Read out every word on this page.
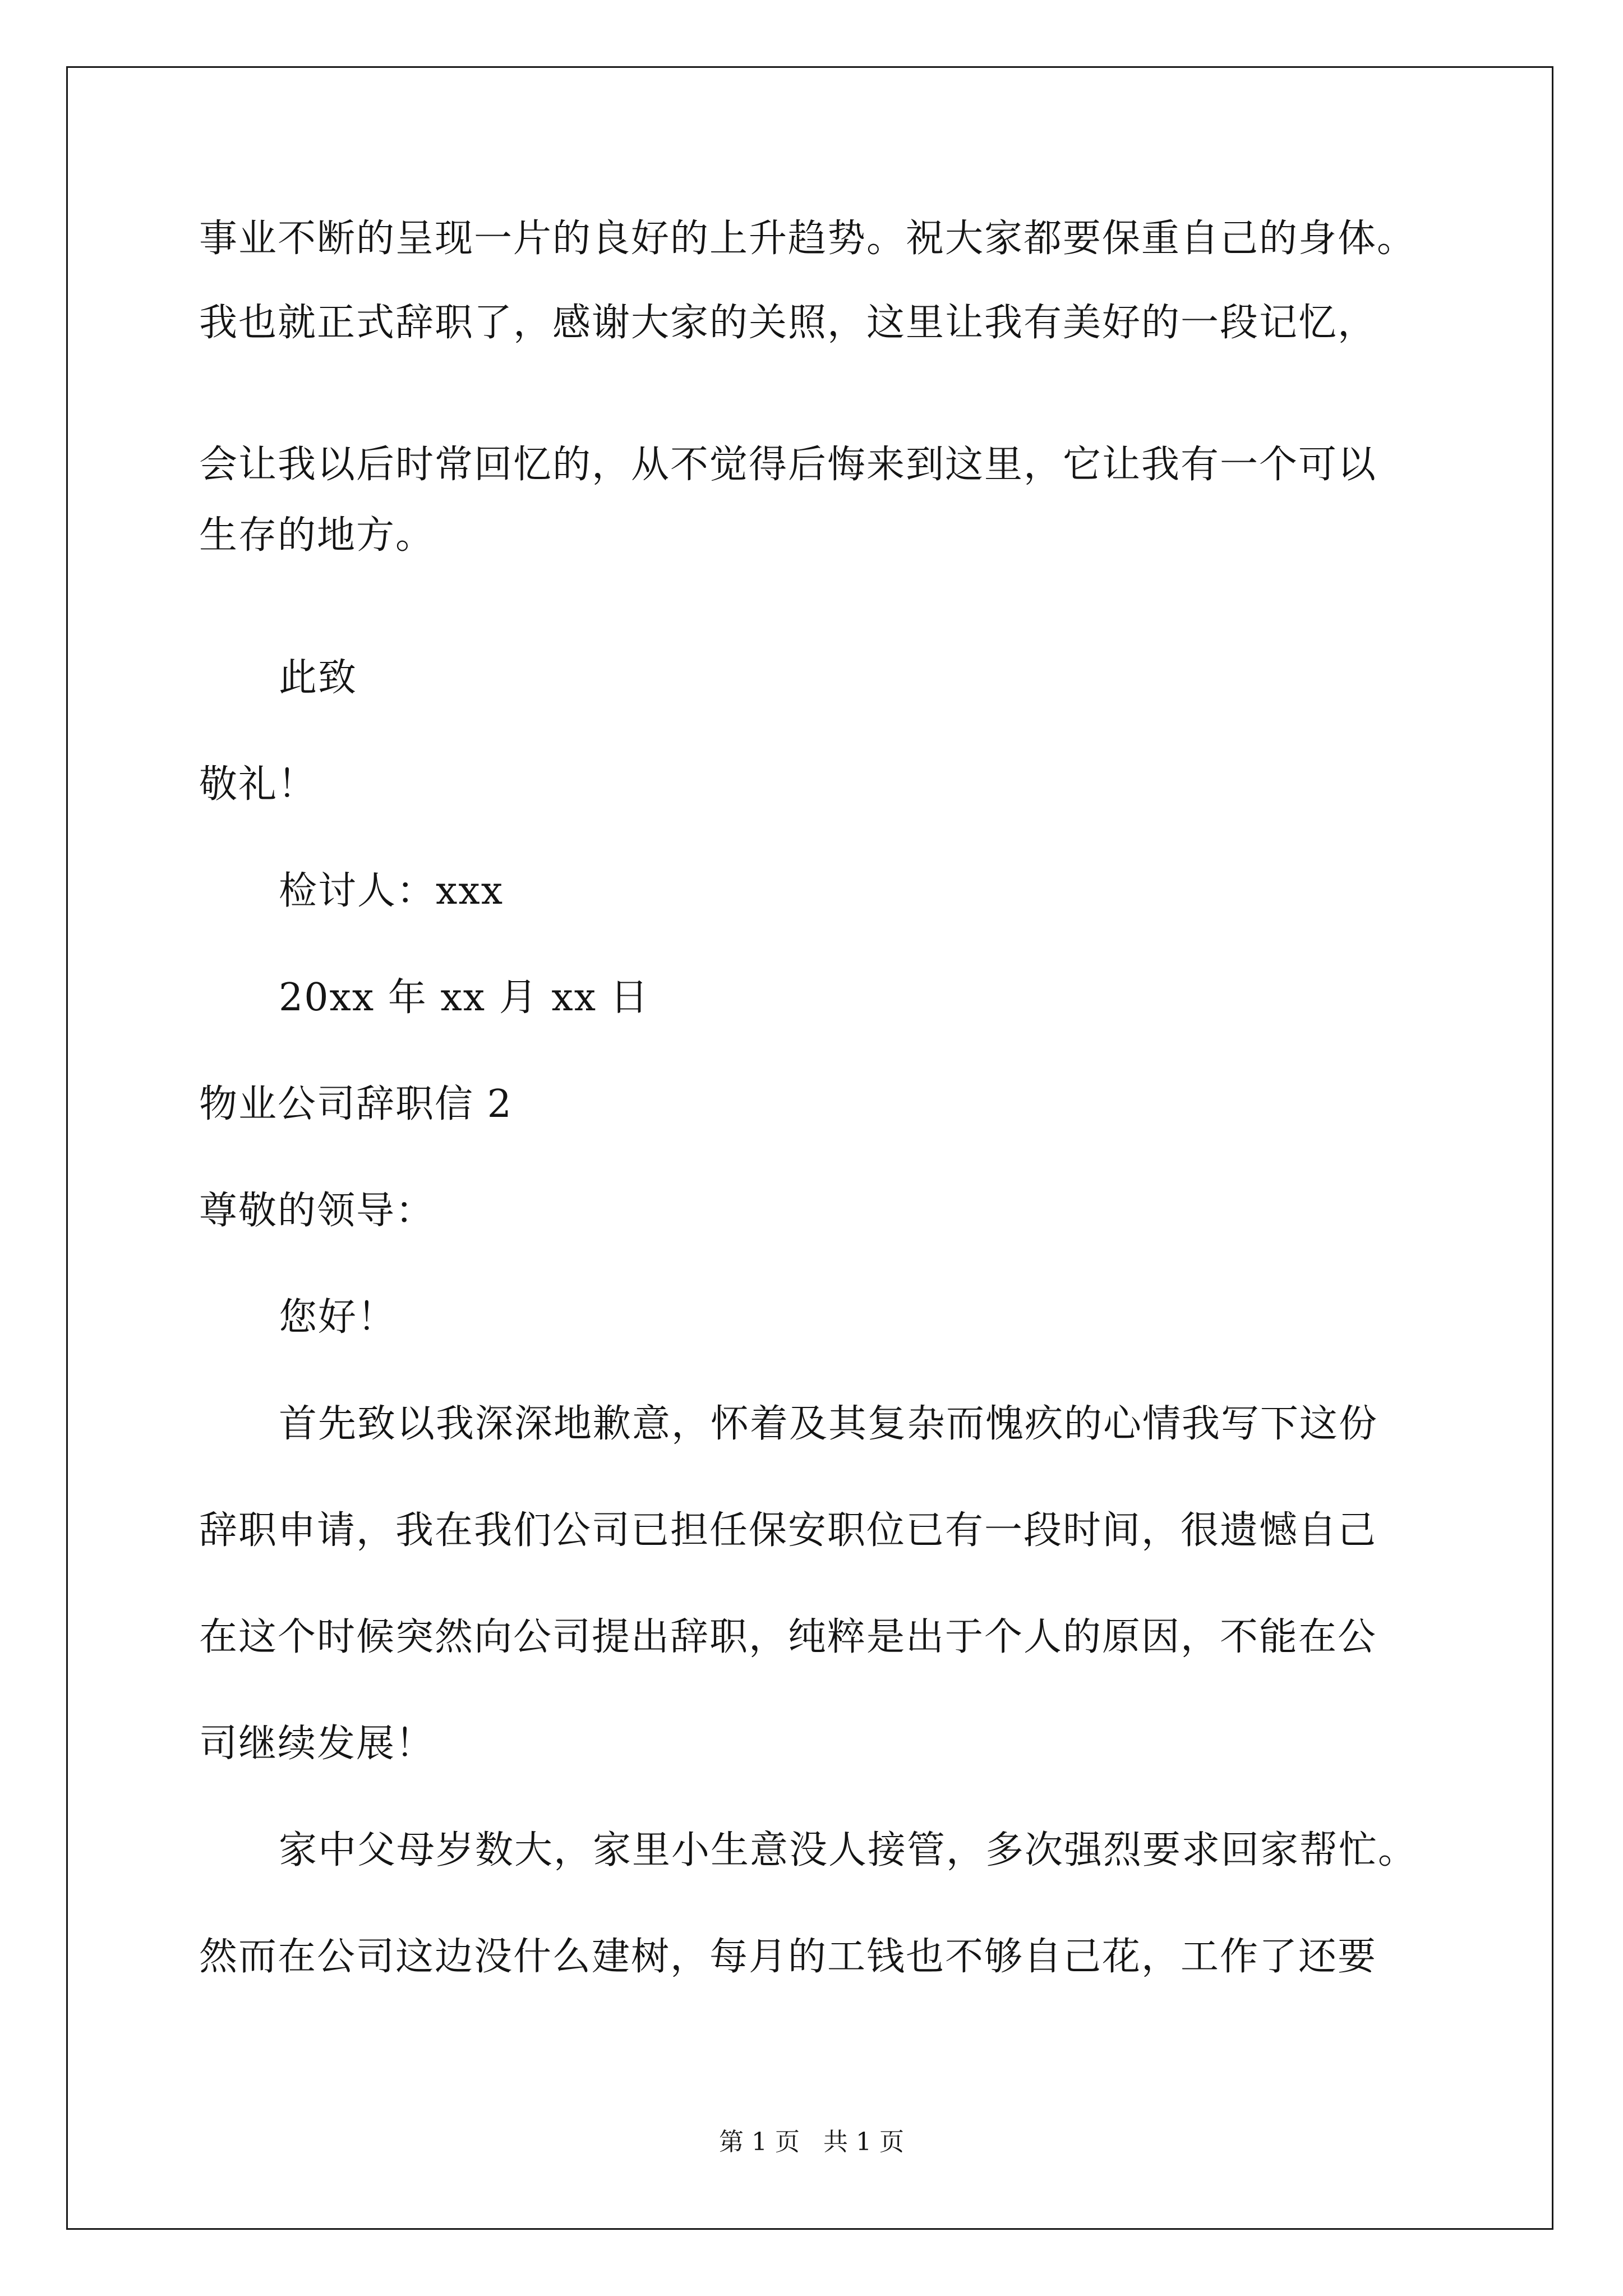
事业不断的呈现一片的良好的上升趋势。祝大家都要保重自己的身体。
我也就正式辞职了，感谢大家的关照，这里让我有美好的一段记忆，
会让我以后时常回忆的，从不觉得后悔来到这里，它让我有一个可以
生存的地方。
此致
敬礼！
检讨人：xxx
20xx 年 xx 月 xx 日
物业公司辞职信 2
尊敬的领导：
您好！
首先致以我深深地歉意，怀着及其复杂而愧疚的心情我写下这份
辞职申请，我在我们公司已担任保安职位已有一段时间，很遗憾自己
在这个时候突然向公司提出辞职，纯粹是出于个人的原因，不能在公
司继续发展！
家中父母岁数大，家里小生意没人接管，多次强烈要求回家帮忙。
然而在公司这边没什么建树，每月的工钱也不够自己花，工作了还要
第 1 页   共 1 页
